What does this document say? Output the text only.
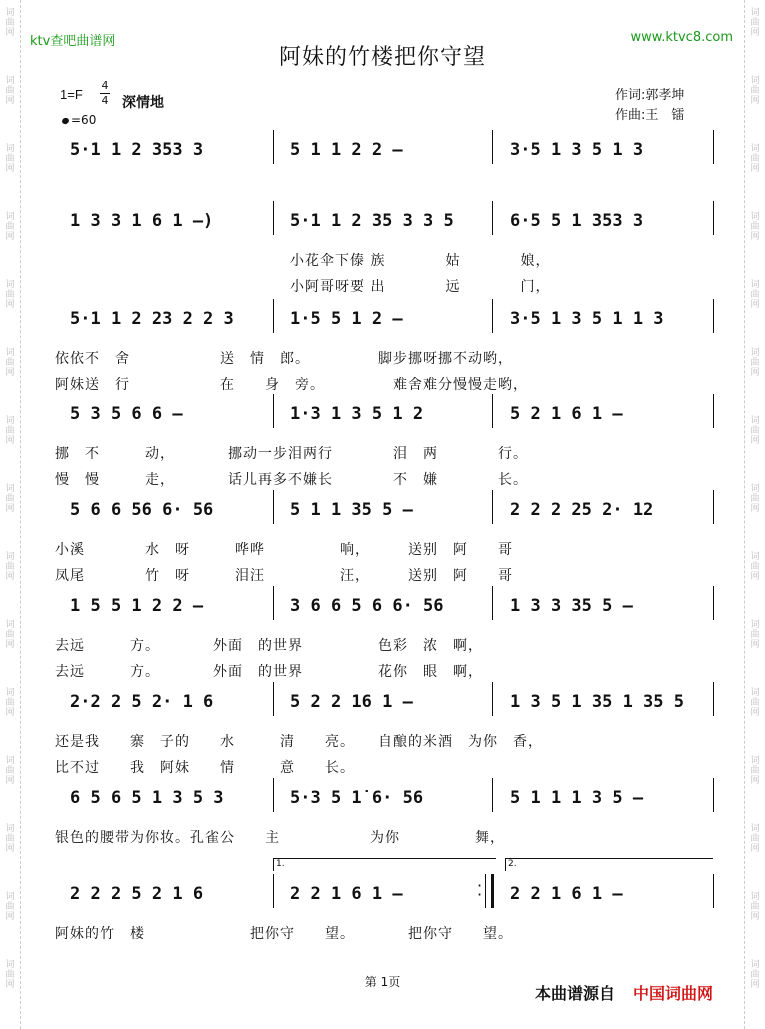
词
曲
网
词
曲
网
词
曲
网
词
曲
网
词
曲
网
词
曲
网
词
曲
网
词
曲
网
词
曲
网
词
曲
网
词
曲
网
词
曲
网
词
曲
网
词
曲
网
词
曲
网
词
曲
网
词
曲
网
词
曲
网
词
曲
网
词
曲
网
词
曲
网
词
曲
网
词
曲
网
词
曲
网
词
曲
网
词
曲
网
词
曲
网
词
曲
网
词
曲
网
词
曲
网
ktv查吧曲谱网	www.ktvc8.com
阿妹的竹楼把你守望
1=F
4
4 深情地
=60
作词:郭孝坤
作曲:王　镭
5·1 1 2 353 3	5 1 1 2 2 –	3·5 1 3 5 1 3
1 3 3 1 6 1 –)	5·1 1 2 35 3 3 5	6·5 5 1 353 3
小花伞下傣 族　　　　姑　　　　娘，
小阿哥呀要 出　　　　远　　　　门，
5·1 1 2 23 2 2 3	1·5 5 1 2 –	3·5 1 3 5 1 1 3
依依不　舍　　　　　　送　情　郎。　　　　　脚步挪呀挪不动哟，
阿妹送　行　　　　　　在　　身　旁。　　　　　难舍难分慢慢走哟，
5 3 5 6 6 –	1·3 1 3 5 1 2	5 2 1 6 1 –
挪　不　　　动，　　　　挪动一步泪两行　　　　泪　两　　　　行。
慢　慢　　　走，　　　　话儿再多不嫌长　　　　不　嫌　　　　长。
5 6 6 56 6· 56	5 1 1 35 5 –	2 2 2 25 2· 12
小溪　　　　水　呀　　　哗哗　　　　　响，　　　送别　阿　　哥
凤尾　　　　竹　呀　　　泪汪　　　　　汪，　　　送别　阿　　哥
1 5 5 1 2 2 –	3 6 6 5 6 6· 56	1 3 3 35 5 –
去远　　　方。　　　　外面　的世界　　　　　色彩　浓　啊，
去远　　　方。　　　　外面　的世界　　　　　花你　眼　啊，
2·2 2 5 2· 1 6	5 2 2 16 1 –	1 3 5 1 35 1 35 5
还是我　　寨　子的　　水　　　清　　亮。　　自酿的米酒　为你　香，
比不过　　我　阿妹　　情　　　意　　长。
6 5 6 5 1 3 5 3	5·3 5 1̇ 6· 56	5 1 1 1 3 5 –
银色的腰带为你妆。孔雀公　　主　　　　　　为你　　　　　舞，
2 2 2 5 2 1 6	2 2 1 6 1 –	2 2 1 6 1 –
·
·
1.	2.
阿妹的竹　楼　　　　　　　把你守　　望。　　　　把你守　　望。
第 1页
本曲谱源自 中国词曲网
